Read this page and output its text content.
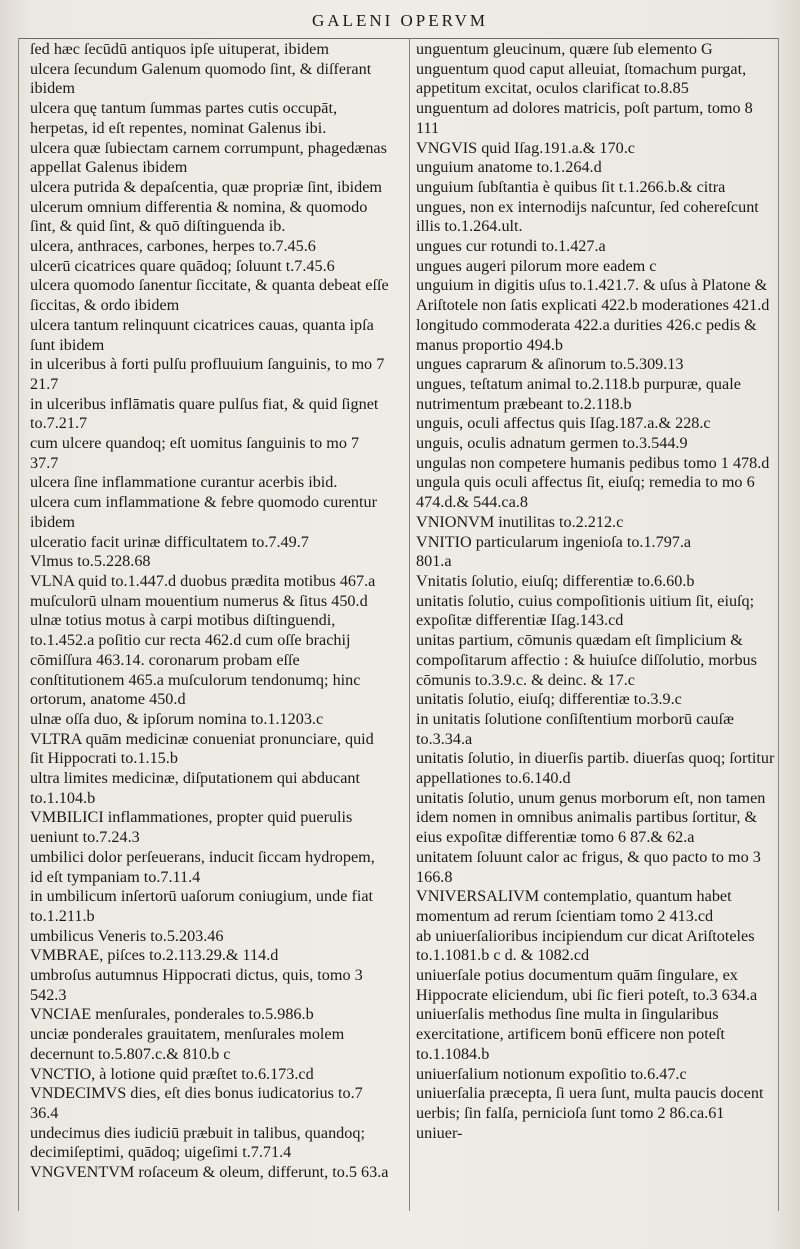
GALENI OPERVM
ſed hæc ſecūdū antiquos ipſe uituperat, ibidem
ulcera ſecundum Galenum quomodo ſint, & diſferant ibidem
ulcera quę tantum ſummas partes cutis occupāt, herpetas, id eſt repentes, nominat Galenus ibi.
ulcera quæ ſubiectam carnem corrumpunt, phagedænas appellat Galenus ibidem
ulcera putrida & depaſcentia, quæ propriæ ſint, ibidem
ulcerum omnium differentia & nomina, & quomodo ſint, & quid ſint, & quō diſtinguenda ib.
ulcera, anthraces, carbones, herpes to.7.45.6
ulcerū cicatrices quare quādoq; ſoluunt t.7.45.6
ulcera quomodo ſanentur ſiccitate, & quanta debeat eſſe ſiccitas, & ordo ibidem
ulcera tantum relinquunt cicatrices cauas, quanta ipſa ſunt ibidem
in ulceribus à forti pulſu profluuium ſanguinis, to mo 7 21.7
in ulceribus inflāmatis quare pulſus fiat, & quid ſignet to.7.21.7
cum ulcere quandoq; eſt uomitus ſanguinis to mo 7 37.7
ulcera ſine inflammatione curantur acerbis ibid.
ulcera cum inflammatione & febre quomodo curentur ibidem
ulceratio facit urinæ difficultatem to.7.49.7
Vlmus to.5.228.68
VLNA quid to.1.447.d duobus prædita motibus 467.a muſculorū ulnam mouentium numerus & ſitus 450.d
ulnæ totius motus à carpi motibus diſtinguendi, to.1.452.a poſitio cur recta 462.d cum oſſe brachij cōmiſſura 463.14. coronarum probam eſſe conſtitutionem 465.a muſculorum tendonumq; hinc ortorum, anatome 450.d
ulnæ oſſa duo, & ipſorum nomina to.1.1203.c
VLTRA quām medicinæ conueniat pronunciare, quid ſit Hippocrati to.1.15.b
ultra limites medicinæ, diſputationem qui abducant to.1.104.b
VMBILICI inflammationes, propter quid puerulis ueniunt to.7.24.3
umbilici dolor perſeuerans, inducit ſiccam hydropem, id eſt tympaniam to.7.11.4
in umbilicum inſertorū uaſorum coniugium, unde fiat to.1.211.b
umbilicus Veneris to.5.203.46
VMBRAE, piſces to.2.113.29.& 114.d
umbroſus autumnus Hippocrati dictus, quis, tomo 3 542.3
VNCIAE menſurales, ponderales to.5.986.b
unciæ ponderales grauitatem, menſurales molem decernunt to.5.807.c.& 810.b c
VNCTIO, à lotione quid præſtet to.6.173.cd
VNDECIMVS dies, eſt dies bonus iudicatorius to.7 36.4
undecimus dies iudiciū præbuit in talibus, quandoq; decimiſeptimi, quādoq; uigeſimi t.7.71.4
VNGVENTVM roſaceum & oleum, differunt, to.5 63.a
unguentum gleucinum, quære ſub elemento G
unguentum quod caput alleuiat, ſtomachum purgat, appetitum excitat, oculos clarificat to.8.85
unguentum ad dolores matricis, poſt partum, tomo 8 111
VNGVIS quid Iſag.191.a.& 170.c
unguium anatome to.1.264.d
unguium ſubſtantia è quibus ſit t.1.266.b.& citra ungues, non ex internodijs naſcuntur, ſed cohereſcunt illis to.1.264.ult.
ungues cur rotundi to.1.427.a
ungues augeri pilorum more eadem c
unguium in digitis uſus to.1.421.7. & uſus à Platone & Ariſtotele non ſatis explicati 422.b moderationes 421.d longitudo commoderata 422.a durities 426.c pedis & manus proportio 494.b
ungues caprarum & aſinorum to.5.309.13
ungues, teſtatum animal to.2.118.b purpuræ, quale nutrimentum præbeant to.2.118.b
unguis, oculi affectus quis Iſag.187.a.& 228.c
unguis, oculis adnatum germen to.3.544.9
ungulas non competere humanis pedibus tomo 1 478.d
ungula quis oculi affectus ſit, eiuſq; remedia to mo 6 474.d.& 544.ca.8
VNIONVM inutilitas to.2.212.c
VNITIO particularum ingenioſa to.1.797.a
801.a
Vnitatis ſolutio, eiuſq; differentiæ to.6.60.b
unitatis ſolutio, cuius compoſitionis uitium ſit, eiuſq; expoſitæ differentiæ Iſag.143.cd
unitas partium, cōmunis quædam eſt ſimplicium & compoſitarum affectio : & huiuſce diſſolutio, morbus cōmunis to.3.9.c. & deinc. & 17.c
unitatis ſolutio, eiuſq; differentiæ to.3.9.c
in unitatis ſolutione conſiſtentium morborū cauſæ to.3.34.a
unitatis ſolutio, in diuerſis partib. diuerſas quoq; ſortitur appellationes to.6.140.d
unitatis ſolutio, unum genus morborum eſt, non tamen idem nomen in omnibus animalis partibus ſortitur, & eius expoſitæ differentiæ tomo 6 87.& 62.a
unitatem ſoluunt calor ac frigus, & quo pacto to mo 3 166.8
VNIVERSALIVM contemplatio, quantum habet momentum ad rerum ſcientiam tomo 2 413.cd
ab uniuerſalioribus incipiendum cur dicat Ariſtoteles to.1.1081.b c d. & 1082.cd
uniuerſale potius documentum quām ſingulare, ex Hippocrate eliciendum, ubi ſic fieri poteſt, to.3 634.a
uniuerſalis methodus ſine multa in ſingularibus exercitatione, artificem bonū efficere non poteſt to.1.1084.b
uniuerſalium notionum expoſitio to.6.47.c
uniuerſalia præcepta, ſi uera ſunt, multa paucis docent uerbis; ſin falſa, pernicioſa ſunt tomo 2 86.ca.61
uniuer-
